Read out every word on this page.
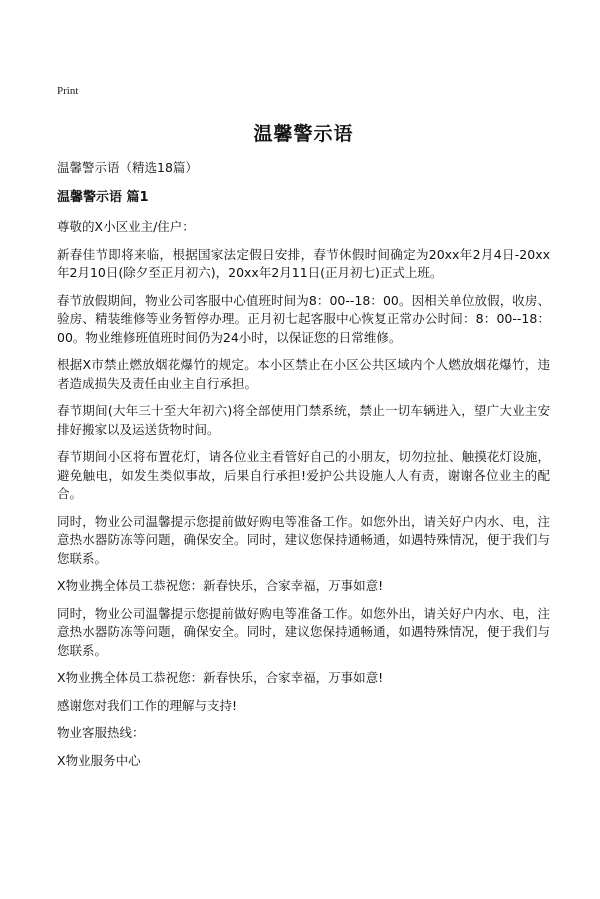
Print

温馨警示语

温馨警示语（精选18篇）

温馨警示语 篇1

尊敬的X小区业主/住户：

新春佳节即将来临，根据国家法定假日安排，春节休假时间确定为20xx年2月4日-20xx年2月10日(除夕至正月初六)，20xx年2月11日(正月初七)正式上班。

春节放假期间，物业公司客服中心值班时间为8：00--18：00。因相关单位放假，收房、验房、精装维修等业务暂停办理。正月初七起客服中心恢复正常办公时间：8：00--18：00。物业维修班值班时间仍为24小时，以保证您的日常维修。

根据X市禁止燃放烟花爆竹的规定。本小区禁止在小区公共区域内个人燃放烟花爆竹，违者造成损失及责任由业主自行承担。

春节期间(大年三十至大年初六)将全部使用门禁系统，禁止一切车辆进入，望广大业主安排好搬家以及运送货物时间。

春节期间小区将布置花灯，请各位业主看管好自己的小朋友，切勿拉扯、触摸花灯设施，避免触电，如发生类似事故，后果自行承担!爱护公共设施人人有责，谢谢各位业主的配合。

同时，物业公司温馨提示您提前做好购电等准备工作。如您外出，请关好户内水、电，注意热水器防冻等问题，确保安全。同时，建议您保持通畅通，如遇特殊情况，便于我们与您联系。

X物业携全体员工恭祝您：新春快乐，合家幸福，万事如意!

同时，物业公司温馨提示您提前做好购电等准备工作。如您外出，请关好户内水、电，注意热水器防冻等问题，确保安全。同时，建议您保持通畅通，如遇特殊情况，便于我们与您联系。

X物业携全体员工恭祝您：新春快乐，合家幸福，万事如意!

感谢您对我们工作的理解与支持!

物业客服热线：

X物业服务中心
